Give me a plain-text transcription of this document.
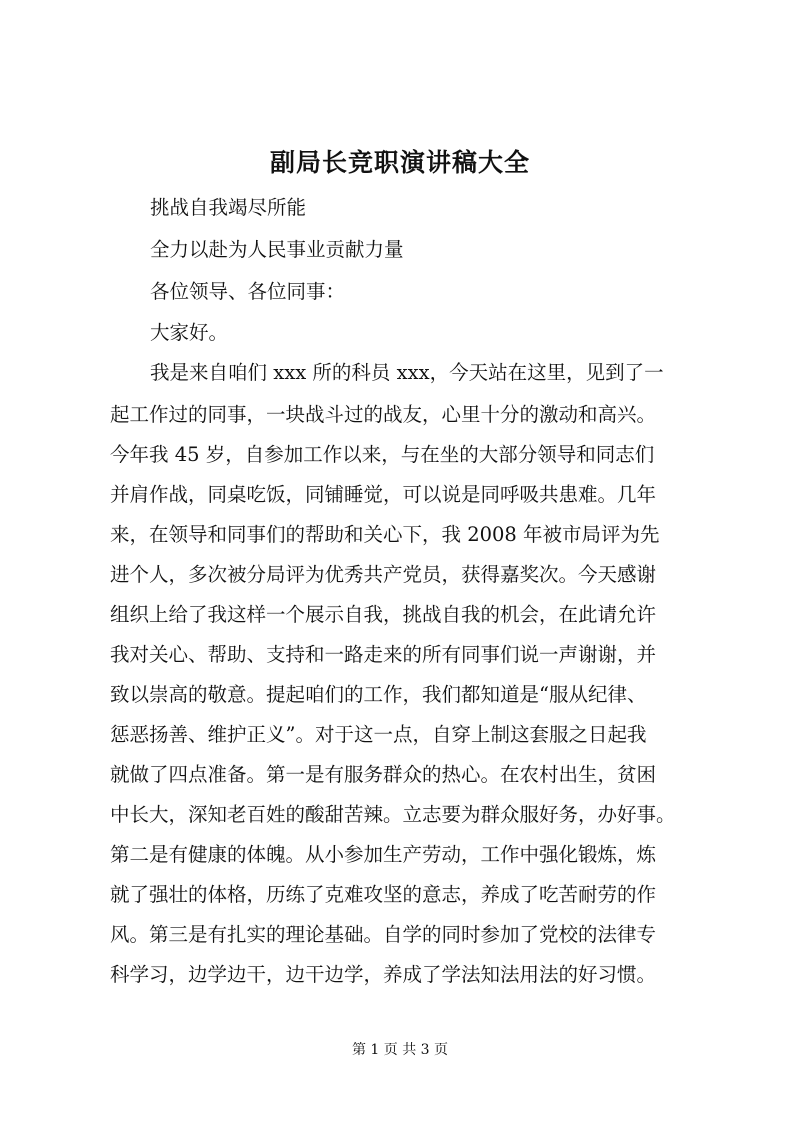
副局长竞职演讲稿大全
挑战自我竭尽所能
全力以赴为人民事业贡献力量
各位领导、各位同事：
大家好。
我是来自咱们 xxx 所的科员 xxx，今天站在这里，见到了一
起工作过的同事，一块战斗过的战友，心里十分的激动和高兴。
今年我 45 岁，自参加工作以来，与在坐的大部分领导和同志们
并肩作战，同桌吃饭，同铺睡觉，可以说是同呼吸共患难。几年
来，在领导和同事们的帮助和关心下，我 2008 年被市局评为先
进个人，多次被分局评为优秀共产党员，获得嘉奖次。今天感谢
组织上给了我这样一个展示自我，挑战自我的机会，在此请允许
我对关心、帮助、支持和一路走来的所有同事们说一声谢谢，并
致以崇高的敬意。提起咱们的工作，我们都知道是“服从纪律、
惩恶扬善、维护正义”。对于这一点，自穿上制这套服之日起我
就做了四点准备。第一是有服务群众的热心。在农村出生，贫困
中长大，深知老百姓的酸甜苦辣。立志要为群众服好务，办好事。
第二是有健康的体魄。从小参加生产劳动，工作中强化锻炼，炼
就了强壮的体格，历练了克难攻坚的意志，养成了吃苦耐劳的作
风。第三是有扎实的理论基础。自学的同时参加了党校的法律专
科学习，边学边干，边干边学，养成了学法知法用法的好习惯。
第 1 页 共 3 页
